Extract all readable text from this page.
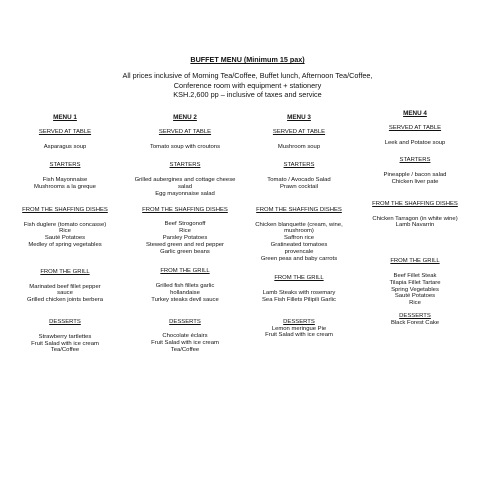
BUFFET MENU (Minimum 15 pax)
All prices inclusive of Morning Tea/Coffee, Buffet lunch, Afternoon Tea/Coffee,
Conference room with equipment + stationery
KSH.2,600 pp – inclusive of taxes and service
MENU 1
SERVED AT TABLE
Asparagus soup
STARTERS
Fish Mayonnaise
Mushrooms a la greque
FROM THE SHAFFING DISHES
Fish duglere (tomato concasse)
Rice
Sauté Potatoes
Medley of spring vegetables
FROM THE GRILL
Marinated beef fillet pepper sauce
Grilled chicken joints berbera
DESSERTS
Strawberry tartlettes
Fruit Salad with ice cream
Tea/Coffee
MENU 2
SERVED AT TABLE
Tomato soup with croutons
STARTERS
Grilled aubergines and cottage cheese salad
Egg mayonnaise salad
FROM THE SHAFFING DISHES
Beef Strogonoff
Rice
Parsley Potatoes
Stewed green and red pepper
Garlic green beans
FROM THE GRILL
Grilled fish fillets garlic hollandaise
Turkey steaks devil sauce
DESSERTS
Chocolate éclairs
Fruit Salad with ice cream
Tea/Coffee
MENU 3
SERVED AT TABLE
Mushroom soup
STARTERS
Tomato / Avocado Salad
Prawn cocktail
FROM THE SHAFFING DISHES
Chicken blanquette (cream, wine, mushroom)
Saffron rice
Gratineated tomatoes provencale
Green peas and baby carrots
FROM THE GRILL
Lamb Steaks with rosemary
Sea Fish Fillets Pilipili Garlic
DESSERTS
Lemon meringue Pie
Fruit Salad with ice cream
MENU 4
SERVED AT TABLE
Leek and Potatoe soup
STARTERS
Pineapple / bacon salad
Chicken liver pate
FROM THE SHAFFING DISHES
Chicken Tarragon (in white wine)
Lamb Navarrin
FROM THE GRILL
Beef Fillet Steak
Tilapia Fillet Tartare
Spring Vegetables
Sauté Potatoes
Rice
DESSERTS
Black Forest Cake
